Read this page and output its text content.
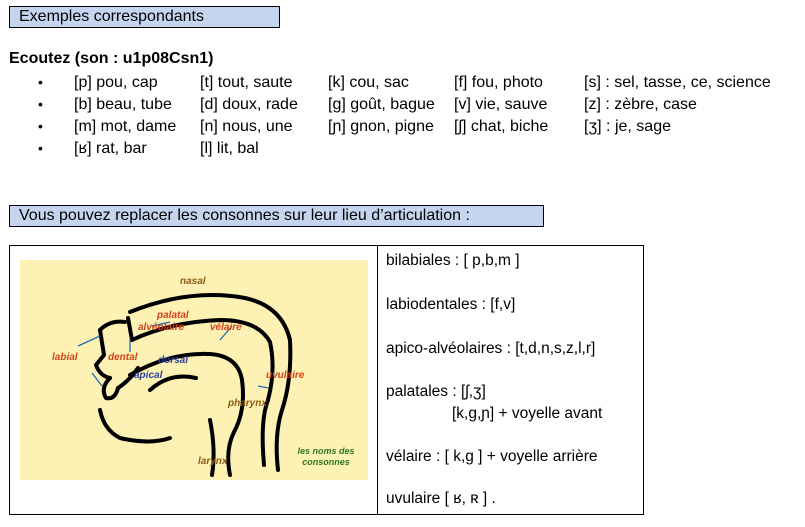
Exemples correspondants
Ecoutez (son : u1p08Csn1)
• [p] pou, cap	[t] tout, saute [k] cou, sac	[f] fou, photo	[s] : sel, tasse, ce, science
• [b] beau, tube [d] doux, rade [g] goût, bague [v] vie, sauve [z] : zèbre, case
• [m] mot, dame [n] nous, une [ɲ] gnon, pigne [ʃ] chat, biche [ʒ] : je, sage
• [ʁ] rat, bar	[l] lit, bal
Vous pouvez replacer les consonnes sur leur lieu d’articulation :
nasal
palatal
alvéolaire	vélaire
labial	dental dorsal
apical	uvulaire
pharynx
larynx
les noms des
consonnes

bilabiales : [ p,b,m ]
labiodentales : [f,v]
apico-alvéolaires : [t,d,n,s,z,l,r]
palatales : [ʃ,ʒ]
[k,g,ɲ] + voyelle avant
vélaire : [ k,g ] + voyelle arrière
uvulaire [ ʁ, ʀ ] .
